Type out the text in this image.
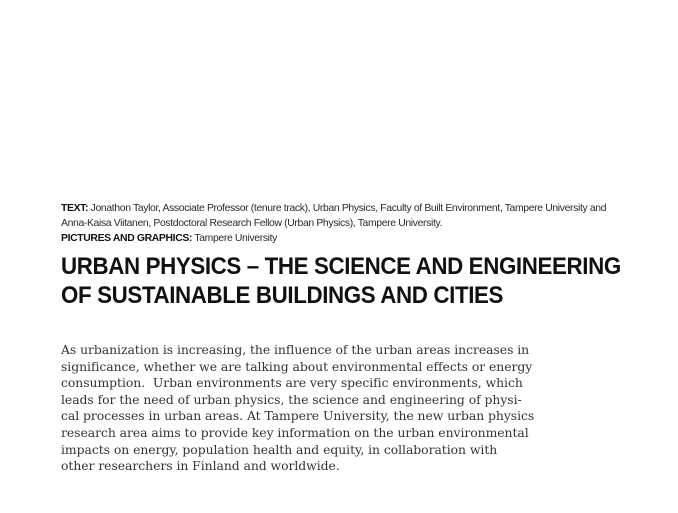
TEXT: Jonathon Taylor, Associate Professor (tenure track), Urban Physics, Faculty of Built Environment, Tampere University and
Anna-Kaisa Viitanen, Postdoctoral Research Fellow (Urban Physics), Tampere University.
PICTURES AND GRAPHICS: Tampere University
URBAN PHYSICS – THE SCIENCE AND ENGINEERING
OF SUSTAINABLE BUILDINGS AND CITIES
As urbanization is increasing, the influence of the urban areas increases in
significance, whether we are talking about environmental effects or energy
consumption.  Urban environments are very specific environments, which
leads for the need of urban physics, the science and engineering of physi-
cal processes in urban areas. At Tampere University, the new urban physics
research area aims to provide key information on the urban environmental
impacts on energy, population health and equity, in collaboration with
other researchers in Finland and worldwide.
